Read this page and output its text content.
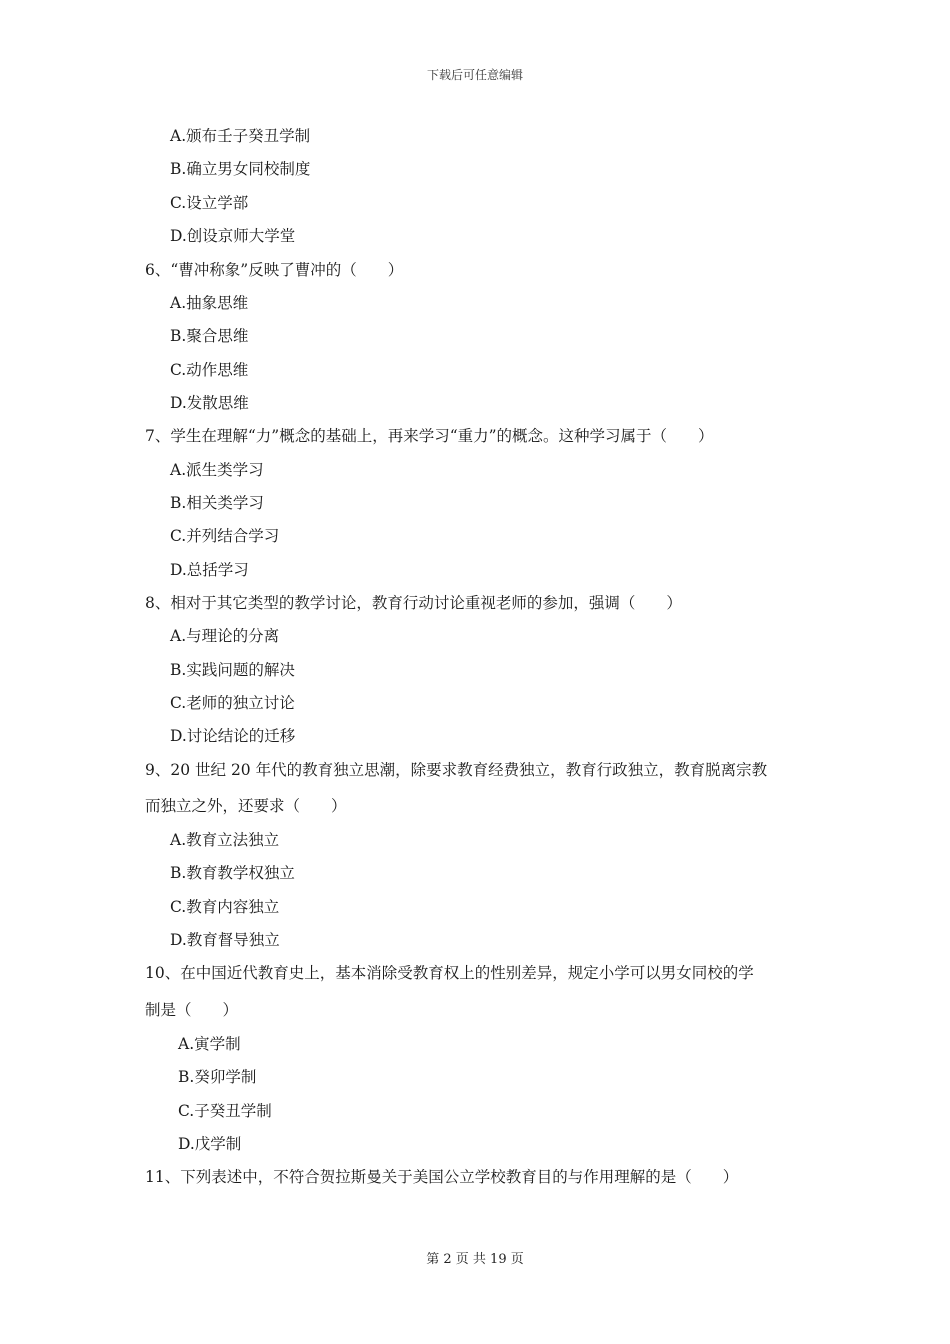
下载后可任意编辑
A.颁布壬子癸丑学制
B.确立男女同校制度
C.设立学部
D.创设京师大学堂
6、“曹冲称象”反映了曹冲的（　　）
A.抽象思维
B.聚合思维
C.动作思维
D.发散思维
7、学生在理解“力”概念的基础上，再来学习“重力”的概念。这种学习属于（　　）
A.派生类学习
B.相关类学习
C.并列结合学习
D.总括学习
8、相对于其它类型的教学讨论，教育行动讨论重视老师的参加，强调（　　）
A.与理论的分离
B.实践问题的解决
C.老师的独立讨论
D.讨论结论的迁移
9、20 世纪 20 年代的教育独立思潮，除要求教育经费独立，教育行政独立，教育脱离宗教
而独立之外，还要求（　　）
A.教育立法独立
B.教育教学权独立
C.教育内容独立
D.教育督导独立
10、在中国近代教育史上，基本消除受教育权上的性别差异，规定小学可以男女同校的学
制是（　　）
A.寅学制
B.癸卯学制
C.子癸丑学制
D.戊学制
11、下列表述中，不符合贺拉斯曼关于美国公立学校教育目的与作用理解的是（　　）
第 2 页 共 19 页
